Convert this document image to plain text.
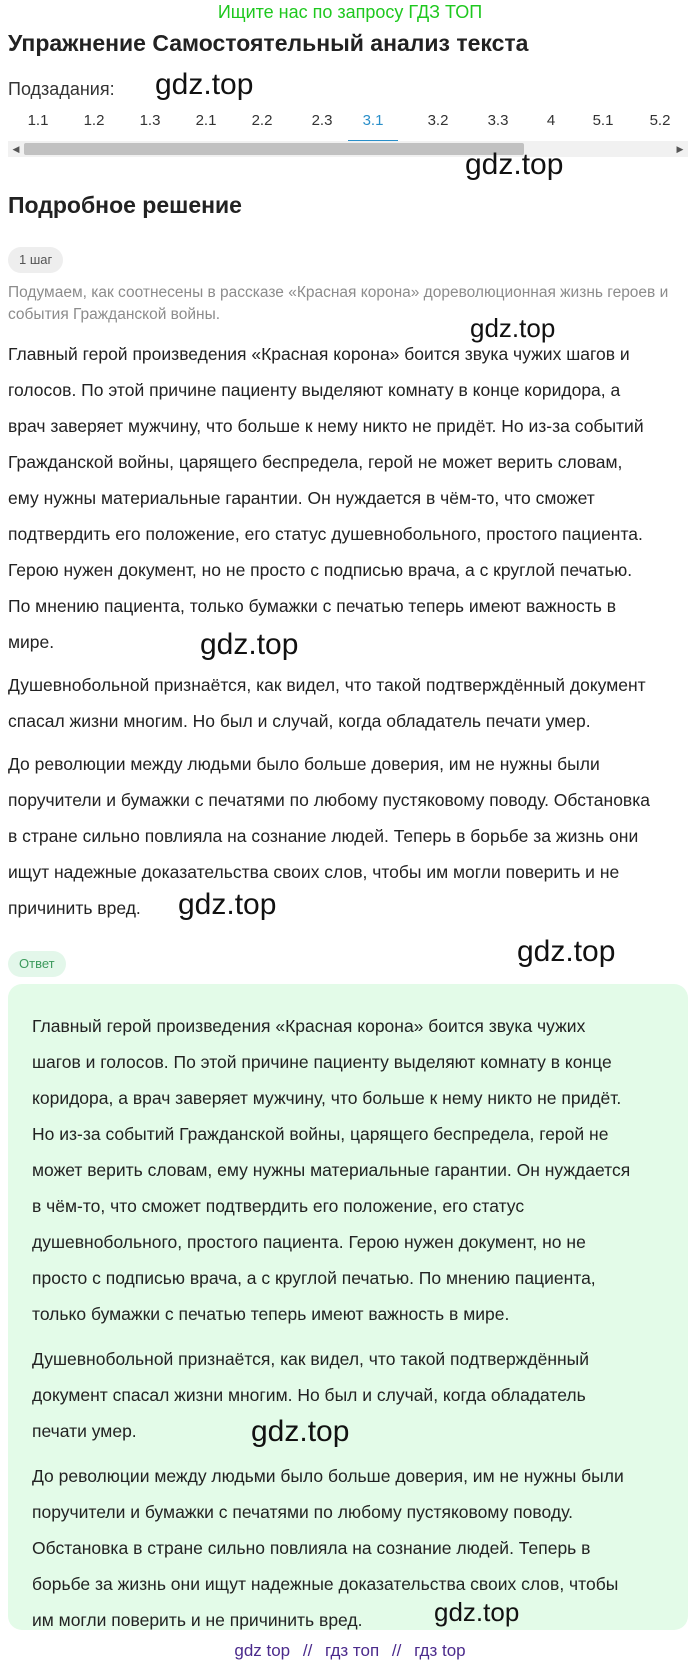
Ищите нас по запросу ГДЗ ТОП
Упражнение Самостоятельный анализ текста
Подзадания:
1.1	1.2	1.3	2.1	2.2	2.3	3.1	3.2	3.3	4	5.1	5.2
◀	▶
Подробное решение
1 шаг
Подумаем, как соотнесены в рассказе «Красная корона» дореволюционная жизнь героев и события Гражданской войны.
Главный герой произведения «Красная корона» боится звука чужих шагов и
голосов. По этой причине пациенту выделяют комнату в конце коридора, а
врач заверяет мужчину, что больше к нему никто не придёт. Но из-за событий
Гражданской войны, царящего беспредела, герой не может верить словам,
ему нужны материальные гарантии. Он нуждается в чём-то, что сможет
подтвердить его положение, его статус душевнобольного, простого пациента.
Герою нужен документ, но не просто с подписью врача, а с круглой печатью.
По мнению пациента, только бумажки с печатью теперь имеют важность в
мире.
Душевнобольной признаётся, как видел, что такой подтверждённый документ
спасал жизни многим. Но был и случай, когда обладатель печати умер.
До революции между людьми было больше доверия, им не нужны были
поручители и бумажки с печатями по любому пустяковому поводу. Обстановка
в стране сильно повлияла на сознание людей. Теперь в борьбе за жизнь они
ищут надежные доказательства своих слов, чтобы им могли поверить и не
причинить вред.
Ответ
Главный герой произведения «Красная корона» боится звука чужих
шагов и голосов. По этой причине пациенту выделяют комнату в конце
коридора, а врач заверяет мужчину, что больше к нему никто не придёт.
Но из-за событий Гражданской войны, царящего беспредела, герой не
может верить словам, ему нужны материальные гарантии. Он нуждается
в чём-то, что сможет подтвердить его положение, его статус
душевнобольного, простого пациента. Герою нужен документ, но не
просто с подписью врача, а с круглой печатью. По мнению пациента,
только бумажки с печатью теперь имеют важность в мире.
Душевнобольной признаётся, как видел, что такой подтверждённый
документ спасал жизни многим. Но был и случай, когда обладатель
печати умер.
До революции между людьми было больше доверия, им не нужны были
поручители и бумажки с печатями по любому пустяковому поводу.
Обстановка в стране сильно повлияла на сознание людей. Теперь в
борьбе за жизнь они ищут надежные доказательства своих слов, чтобы
им могли поверить и не причинить вред.
gdz.top
gdz.top
gdz.top
gdz.top
gdz.top
gdz.top
gdz.top
gdz.top
gdz top // гдз топ // гдз top
